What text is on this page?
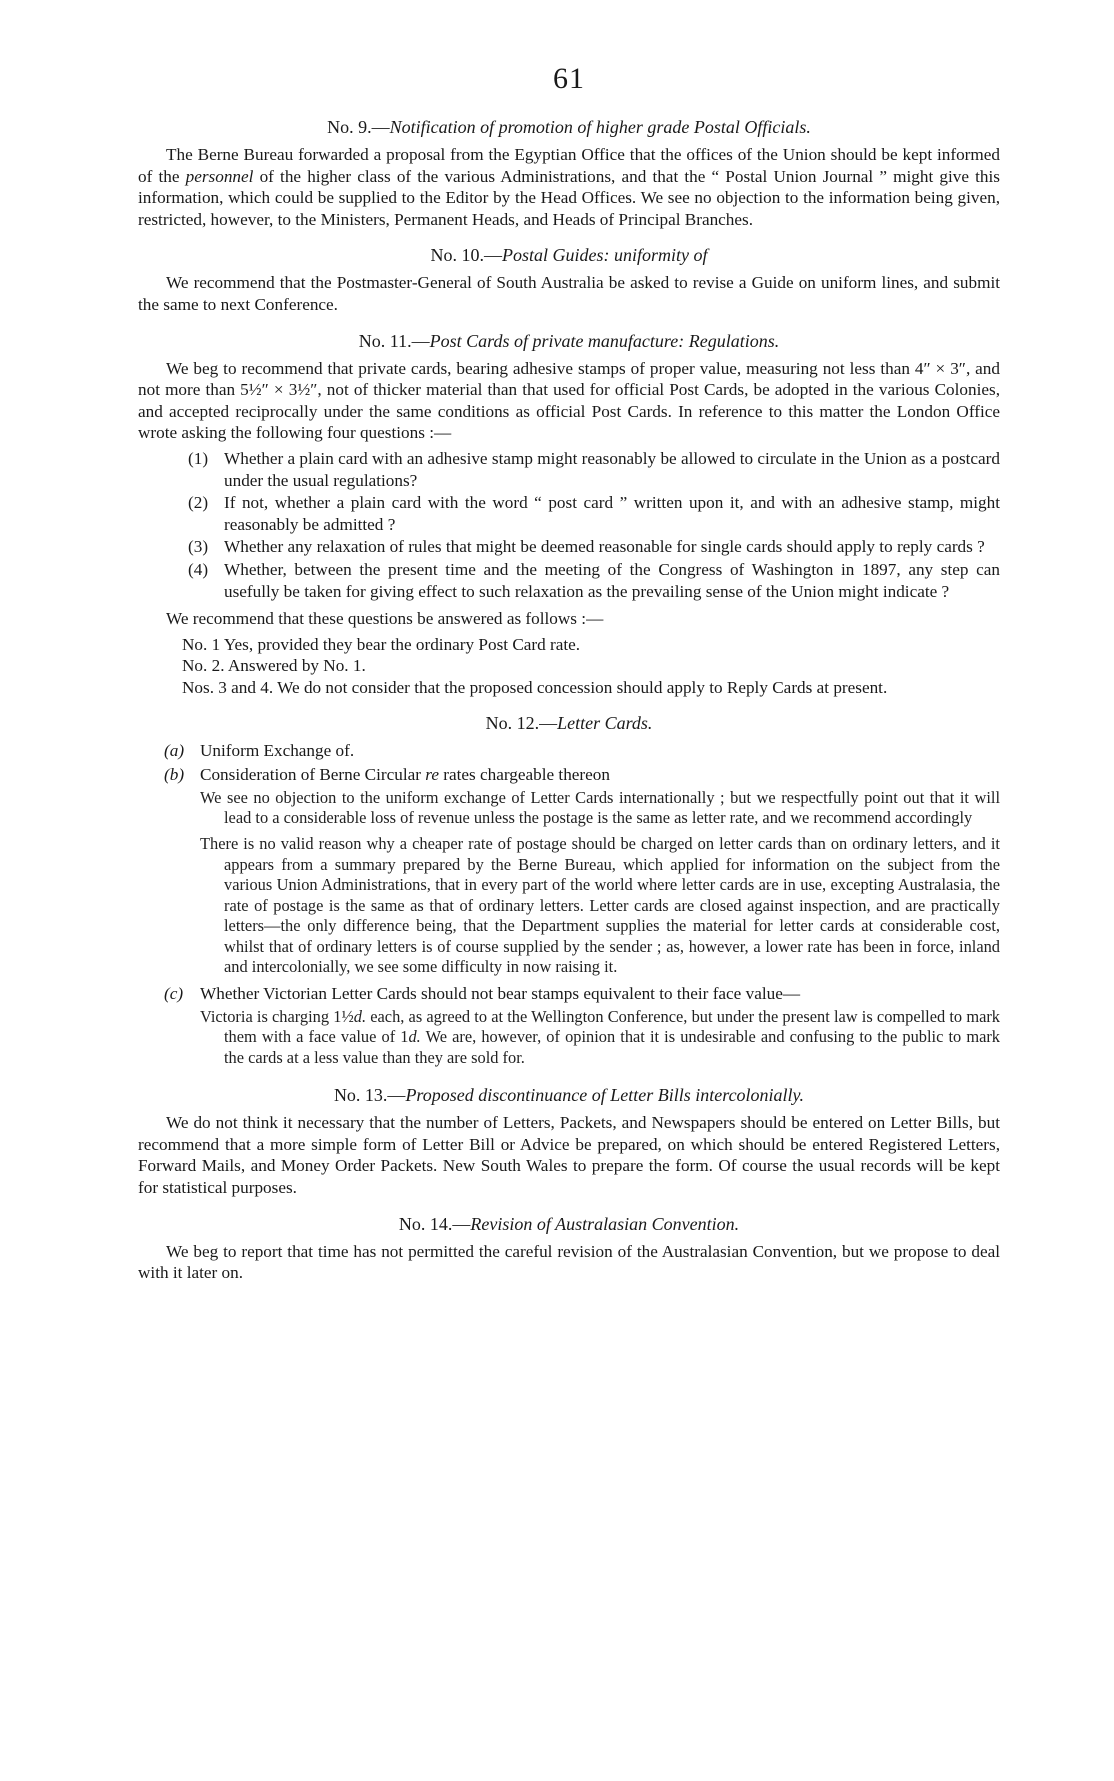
61
No. 9.—Notification of promotion of higher grade Postal Officials.

The Berne Bureau forwarded a proposal from the Egyptian Office that the offices of the Union should be kept informed of the personnel of the higher class of the various Administrations, and that the “ Postal Union Journal ” might give this information, which could be supplied to the Editor by the Head Offices. We see no objection to the information being given, restricted, however, to the Ministers, Permanent Heads, and Heads of Principal Branches.

No. 10.—Postal Guides: uniformity of

We recommend that the Postmaster-General of South Australia be asked to revise a Guide on uniform lines, and submit the same to next Conference.

No. 11.—Post Cards of private manufacture: Regulations.

We beg to recommend that private cards, bearing adhesive stamps of proper value, measuring not less than 4″ × 3″, and not more than 5½″ × 3½″, not of thicker material than that used for official Post Cards, be adopted in the various Colonies, and accepted reciprocally under the same conditions as official Post Cards. In reference to this matter the London Office wrote asking the following four questions :—

(1) Whether a plain card with an adhesive stamp might reasonably be allowed to circulate in the Union as a postcard under the usual regulations?
(2) If not, whether a plain card with the word “ post card ” written upon it, and with an adhesive stamp, might reasonably be admitted ?
(3) Whether any relaxation of rules that might be deemed reasonable for single cards should apply to reply cards ?
(4) Whether, between the present time and the meeting of the Congress of Washington in 1897, any step can usefully be taken for giving effect to such relaxation as the prevailing sense of the Union might indicate ?

We recommend that these questions be answered as follows :—

No. 1 Yes, provided they bear the ordinary Post Card rate.
No. 2. Answered by No. 1.
Nos. 3 and 4. We do not consider that the proposed concession should apply to Reply Cards at present.
No. 12.—Letter Cards.
(a) Uniform Exchange of.
(b) Consideration of Berne Circular re rates chargeable thereon

We see no objection to the uniform exchange of Letter Cards internationally ; but we respectfully point out that it will lead to a considerable loss of revenue unless the postage is the same as letter rate, and we recommend accordingly

There is no valid reason why a cheaper rate of postage should be charged on letter cards than on ordinary letters, and it appears from a summary prepared by the Berne Bureau, which applied for information on the subject from the various Union Administrations, that in every part of the world where letter cards are in use, excepting Australasia, the rate of postage is the same as that of ordinary letters. Letter cards are closed against inspection, and are practically letters—the only difference being, that the Department supplies the material for letter cards at considerable cost, whilst that of ordinary letters is of course supplied by the sender ; as, however, a lower rate has been in force, inland and intercolonially, we see some difficulty in now raising it.

(c) Whether Victorian Letter Cards should not bear stamps equivalent to their face value—

Victoria is charging 1½d. each, as agreed to at the Wellington Conference, but under the present law is compelled to mark them with a face value of 1d. We are, however, of opinion that it is undesirable and confusing to the public to mark the cards at a less value than they are sold for.

No. 13.—Proposed discontinuance of Letter Bills intercolonially.

We do not think it necessary that the number of Letters, Packets, and Newspapers should be entered on Letter Bills, but recommend that a more simple form of Letter Bill or Advice be prepared, on which should be entered Registered Letters, Forward Mails, and Money Order Packets. New South Wales to prepare the form. Of course the usual records will be kept for statistical purposes.

No. 14.—Revision of Australasian Convention.

We beg to report that time has not permitted the careful revision of the Australasian Convention, but we propose to deal with it later on.
